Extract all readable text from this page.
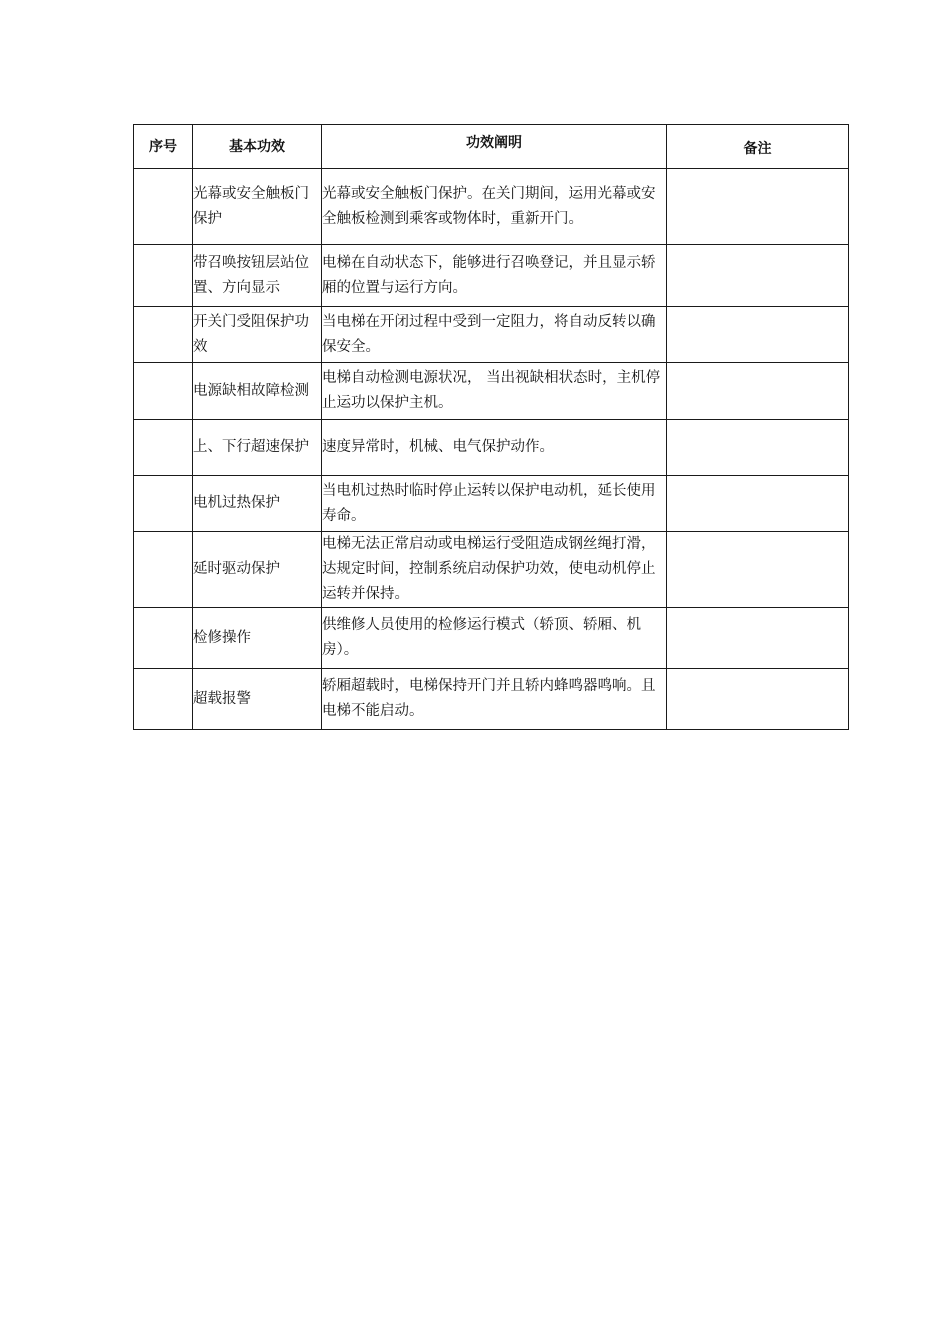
序号	基本功效	功效阐明	备注
	光幕或安全触板门保护	光幕或安全触板门保护。在关门期间，运用光幕或安全触板检测到乘客或物体时，重新开门。	
	带召唤按钮层站位置、方向显示	电梯在自动状态下，能够进行召唤登记，并且显示轿厢的位置与运行方向。	
	开关门受阻保护功效	当电梯在开闭过程中受到一定阻力，将自动反转以确保安全。	
	电源缺相故障检测	电梯自动检测电源状况， 当出视缺相状态时，主机停止运功以保护主机。	
	上、下行超速保护	速度异常时，机械、电气保护动作。	
	电机过热保护	当电机过热时临时停止运转以保护电动机，延长使用寿命。	
	延时驱动保护	电梯无法正常启动或电梯运行受阻造成钢丝绳打滑，达规定时间，控制系统启动保护功效，使电动机停止运转并保持。	
	检修操作	供维修人员使用的检修运行模式（轿顶、轿厢、机房）。	
	超载报警	轿厢超载时，电梯保持开门并且轿内蜂鸣器鸣响。且电梯不能启动。	
